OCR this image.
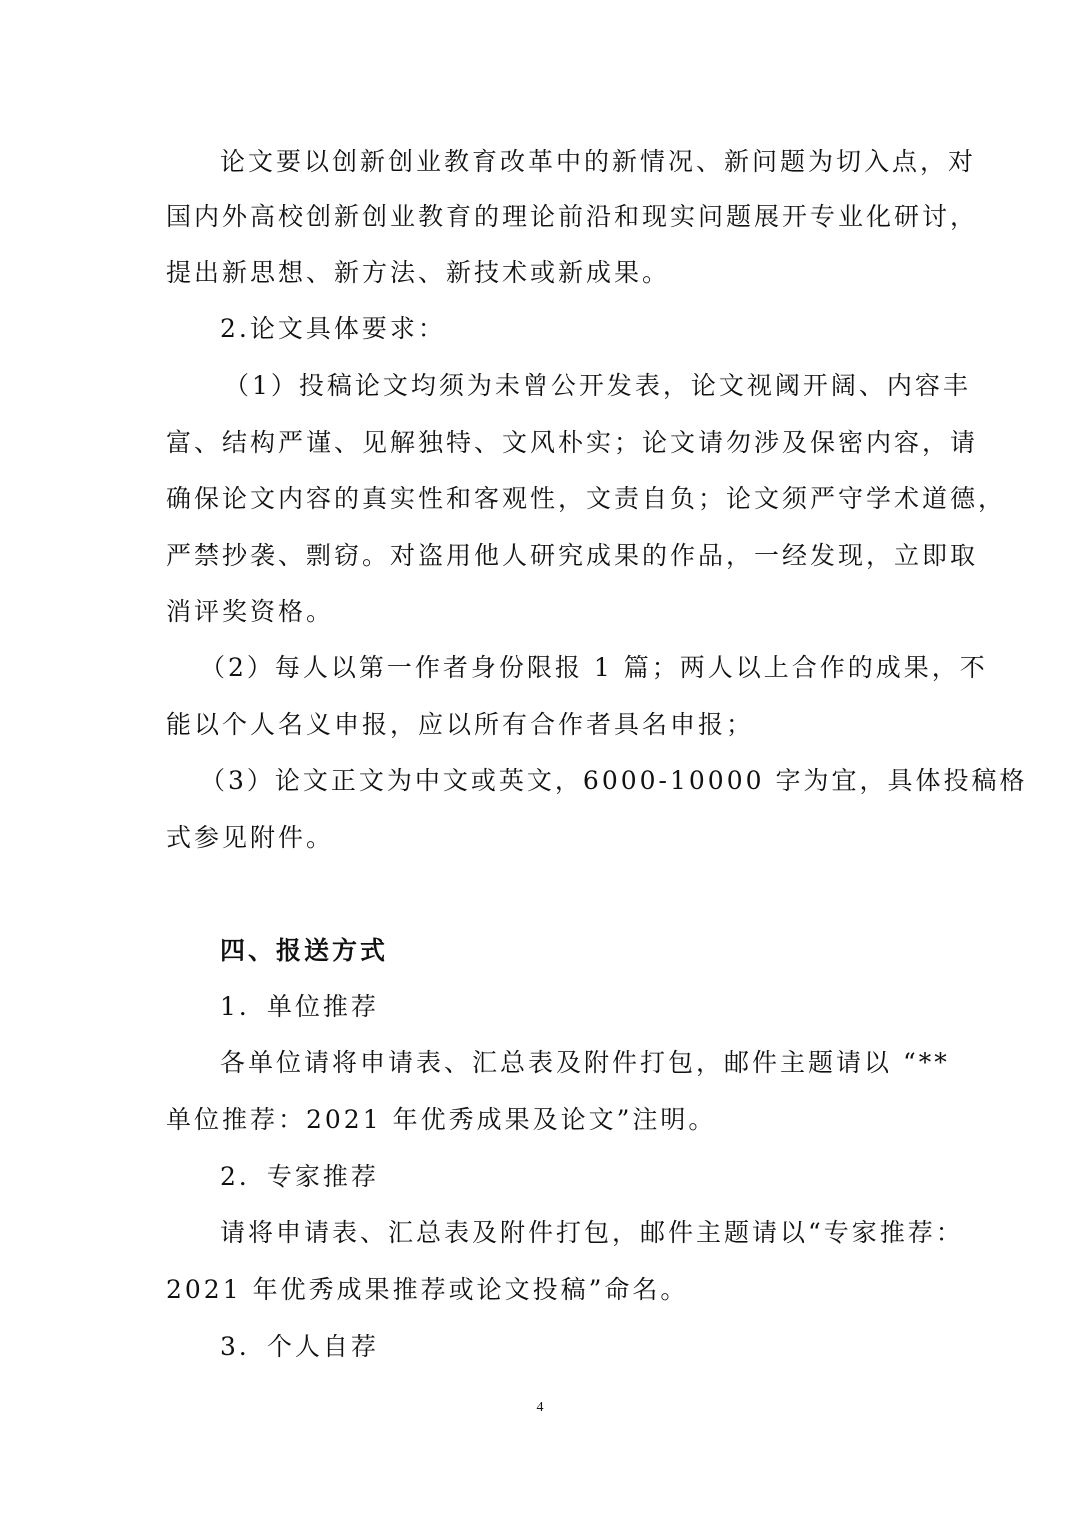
论文要以创新创业教育改革中的新情况、新问题为切入点，对
国内外高校创新创业教育的理论前沿和现实问题展开专业化研讨，
提出新思想、新方法、新技术或新成果。
2.论文具体要求：
（1）投稿论文均须为未曾公开发表，论文视阈开阔、内容丰
富、结构严谨、见解独特、文风朴实；论文请勿涉及保密内容，请
确保论文内容的真实性和客观性，文责自负；论文须严守学术道德，
严禁抄袭、剽窃。对盗用他人研究成果的作品，一经发现，立即取
消评奖资格。
（2）每人以第一作者身份限报 1 篇；两人以上合作的成果，不
能以个人名义申报，应以所有合作者具名申报；
（3）论文正文为中文或英文，6000-10000 字为宜，具体投稿格
式参见附件。
四、报送方式
1．单位推荐
各单位请将申请表、汇总表及附件打包，邮件主题请以 “**
单位推荐：2021 年优秀成果及论文”注明。
2．专家推荐
请将申请表、汇总表及附件打包，邮件主题请以“专家推荐：
2021 年优秀成果推荐或论文投稿”命名。
3．个人自荐
4
